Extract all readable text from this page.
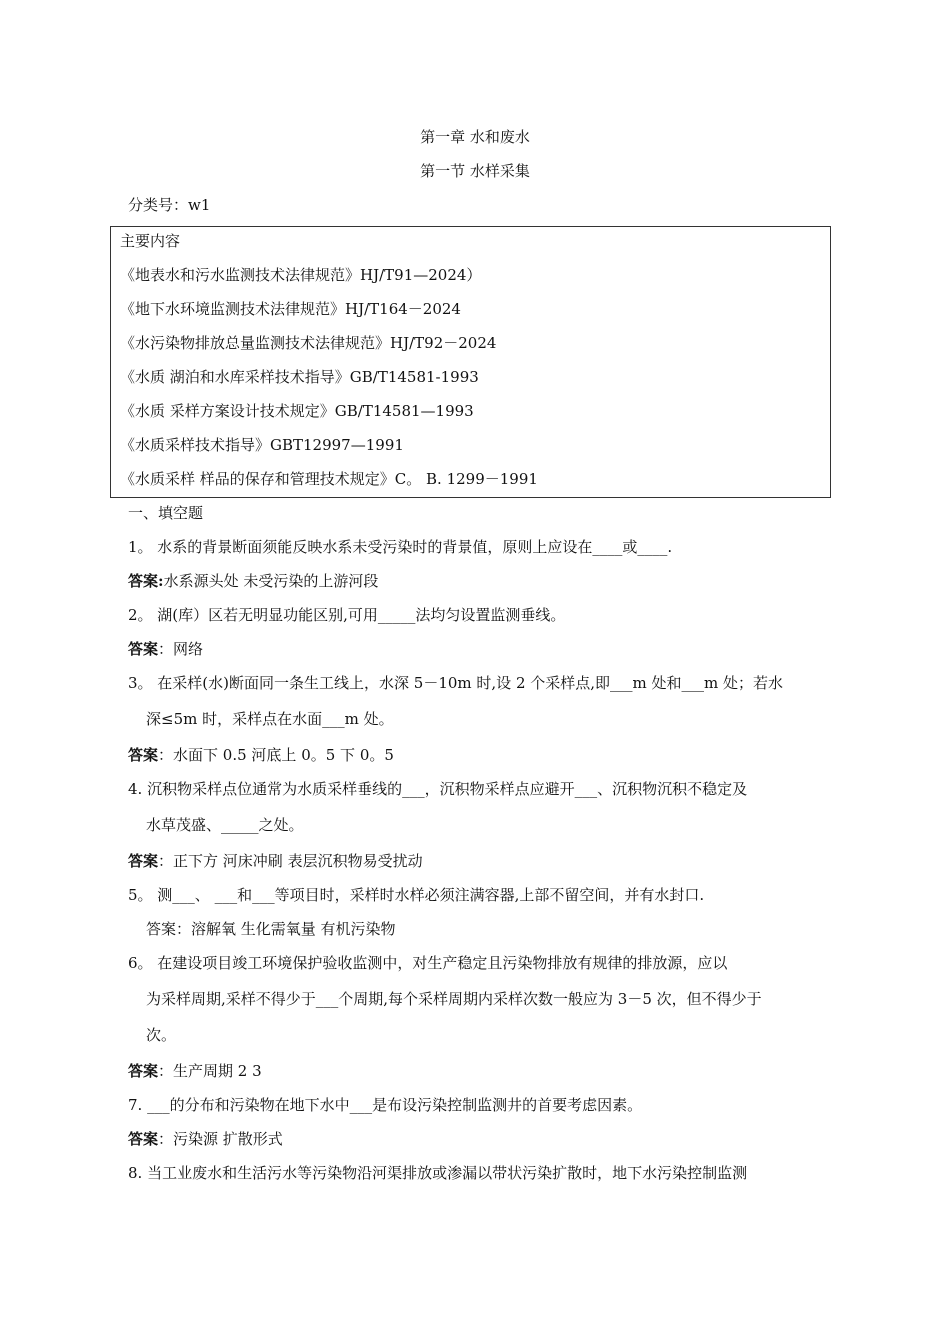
第一章 水和废水
第一节 水样采集
分类号：w1
主要内容
《地表水和污水监测技术法律规范》HJ/T91—2024）
《地下水环境监测技术法律规范》HJ/T164－2024
《水污染物排放总量监测技术法律规范》HJ/T92－2024
《水质 湖泊和水库采样技术指导》GB/T14581-1993
《水质 采样方案设计技术规定》GB/T14581—1993
《水质采样技术指导》GBT12997—1991
《水质采样 样品的保存和管理技术规定》C。 B. 1299－1991
一、填空题
1。 水系的背景断面须能反映水系未受污染时的背景值，原则上应设在____或____.
答案:水系源头处 未受污染的上游河段
2。 湖(库）区若无明显功能区别,可用_____法均匀设置监测垂线。
答案：网络
3。 在采样(水)断面同一条生工线上，水深 5－10m 时,设 2 个采样点,即___m 处和___m 处；若水
深≤5m 时，采样点在水面___m 处。
答案：水面下 0.5 河底上 0。5 下 0。5
4. 沉积物采样点位通常为水质采样垂线的___，沉积物采样点应避开___、沉积物沉积不稳定及
水草茂盛、_____之处。
答案：正下方 河床冲刷 表层沉积物易受扰动
5。 测___、 ___和___等项目时，采样时水样必须注满容器,上部不留空间，并有水封口.
答案：溶解氧 生化需氧量 有机污染物
6。 在建设项目竣工环境保护验收监测中，对生产稳定且污染物排放有规律的排放源，应以
为采样周期,采样不得少于___个周期,每个采样周期内采样次数一般应为 3－5 次，但不得少于
次。
答案：生产周期 2 3
7. ___的分布和污染物在地下水中___是布设污染控制监测井的首要考虑因素。
答案：污染源 扩散形式
8. 当工业废水和生活污水等污染物沿河渠排放或渗漏以带状污染扩散时，地下水污染控制监测
